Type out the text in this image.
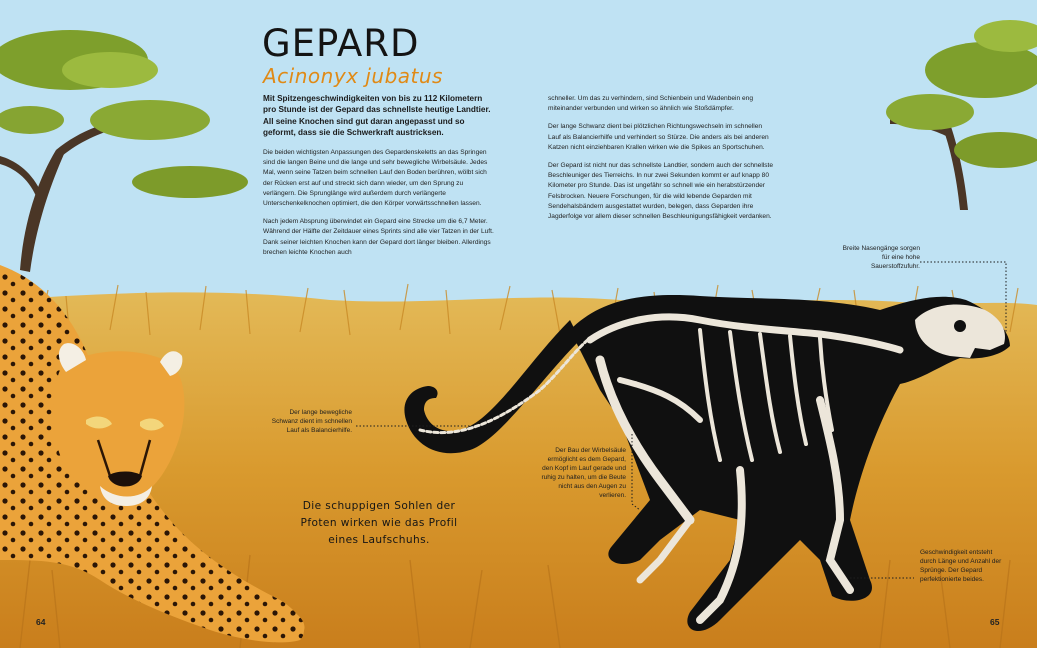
GEPARD
Acinonyx jubatus
Mit Spitzengeschwindigkeiten von bis zu 112 Kilometern pro Stunde ist der Gepard das schnellste heutige Landtier. All seine Knochen sind gut daran angepasst und so geformt, dass sie die Schwerkraft austricksen.

Die beiden wichtigsten Anpassungen des Gepardenskeletts an das Springen sind die langen Beine und die lange und sehr bewegliche Wirbelsäule. Jedes Mal, wenn seine Tatzen beim schnellen Lauf den Boden berühren, wölbt sich der Rücken erst auf und streckt sich dann wieder, um den Sprung zu verlängern. Die Sprunglänge wird außerdem durch verlängerte Unterschenkelknochen optimiert, die den Körper vorwärtsschnellen lassen.

Nach jedem Absprung überwindet ein Gepard eine Strecke um die 6,7 Meter. Während der Hälfte der Zeitdauer eines Sprints sind alle vier Tatzen in der Luft. Dank seiner leichten Knochen kann der Gepard dort länger bleiben. Allerdings brechen leichte Knochen auch

schneller. Um das zu verhindern, sind Schienbein und Wadenbein eng miteinander verbunden und wirken so ähnlich wie Stoßdämpfer.

Der lange Schwanz dient bei plötzlichen Richtungswechseln im schnellen Lauf als Balancierhilfe und verhindert so Stürze. Die anders als bei anderen Katzen nicht einziehbaren Krallen wirken wie die Spikes an Sportschuhen.

Der Gepard ist nicht nur das schnellste Landtier, sondern auch der schnellste Beschleuniger des Tierreichs. In nur zwei Sekunden kommt er auf knapp 80 Kilometer pro Stunde. Das ist ungefähr so schnell wie ein herabstürzender Felsbrocken. Neuere Forschungen, für die wild lebende Geparden mit Sendehalsbändern ausgestattet wurden, belegen, dass Geparden ihre Jagderfolge vor allem dieser schnellen Beschleunigungsfähigkeit verdanken.

Breite Nasengänge sorgen für eine hohe Sauerstoffzufuhr.
Der lange bewegliche Schwanz dient im schnellen Lauf als Balancierhilfe.
Der Bau der Wirbelsäule ermöglicht es dem Gepard, den Kopf im Lauf gerade und ruhig zu halten, um die Beute nicht aus den Augen zu verlieren.
Geschwindigkeit entsteht durch Länge und Anzahl der Sprünge. Der Gepard perfektionierte beides.
Die schuppigen Sohlen der Pfoten wirken wie das Profil eines Laufschuhs.
64	65
